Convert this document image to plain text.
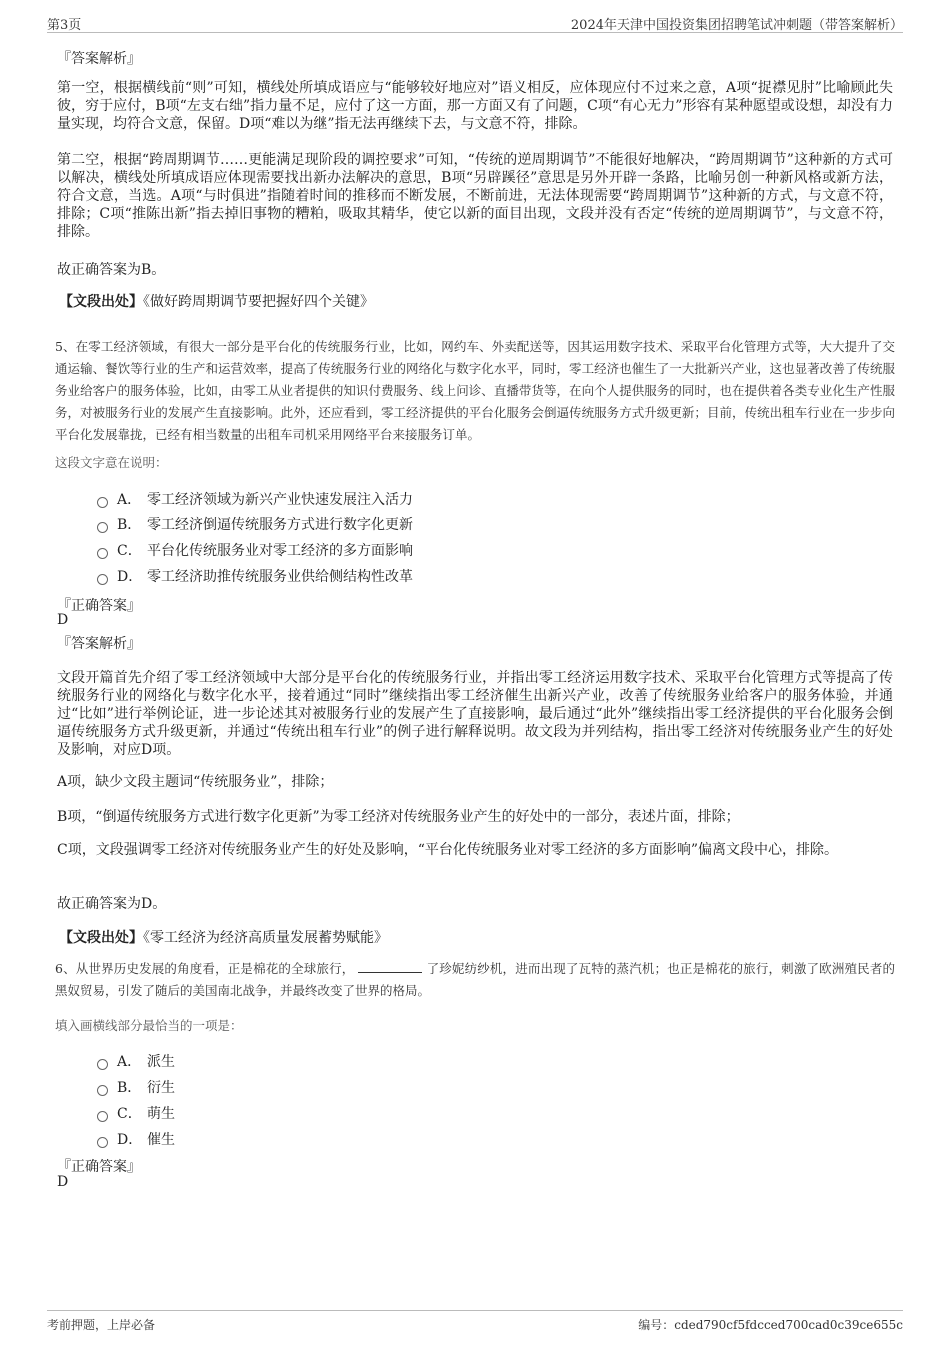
第3页	2024年天津中国投资集团招聘笔试冲刺题（带答案解析）
『答案解析』
第一空，根据横线前“则”可知，横线处所填成语应与“能够较好地应对”语义相反，应体现应付不过来之意，A项“捉襟见肘”比喻顾此失彼，穷于应付，B项“左支右绌”指力量不足，应付了这一方面，那一方面又有了问题，C项“有心无力”形容有某种愿望或设想，却没有力量实现，均符合文意，保留。D项“难以为继”指无法再继续下去，与文意不符，排除。
第二空，根据“跨周期调节……更能满足现阶段的调控要求”可知，“传统的逆周期调节”不能很好地解决，“跨周期调节”这种新的方式可以解决，横线处所填成语应体现需要找出新办法解决的意思，B项“另辟蹊径”意思是另外开辟一条路，比喻另创一种新风格或新方法，符合文意，当选。A项“与时俱进”指随着时间的推移而不断发展，不断前进，无法体现需要“跨周期调节”这种新的方式，与文意不符，排除；C项“推陈出新”指去掉旧事物的糟粕，吸取其精华，使它以新的面目出现，文段并没有否定“传统的逆周期调节”，与文意不符，排除。
故正确答案为B。
【文段出处】《做好跨周期调节要把握好四个关键》
5、在零工经济领域，有很大一部分是平台化的传统服务行业，比如，网约车、外卖配送等，因其运用数字技术、采取平台化管理方式等，大大提升了交通运输、餐饮等行业的生产和运营效率，提高了传统服务行业的网络化与数字化水平，同时，零工经济也催生了一大批新兴产业，这也显著改善了传统服务业给客户的服务体验，比如，由零工从业者提供的知识付费服务、线上问诊、直播带货等，在向个人提供服务的同时，也在提供着各类专业化生产性服务，对被服务行业的发展产生直接影响。此外，还应看到，零工经济提供的平台化服务会倒逼传统服务方式升级更新；目前，传统出租车行业在一步步向平台化发展靠拢，已经有相当数量的出租车司机采用网络平台来接服务订单。
这段文字意在说明：
A． 零工经济领域为新兴产业快速发展注入活力
B． 零工经济倒逼传统服务方式进行数字化更新
C． 平台化传统服务业对零工经济的多方面影响
D． 零工经济助推传统服务业供给侧结构性改革
『正确答案』
D
『答案解析』
文段开篇首先介绍了零工经济领域中大部分是平台化的传统服务行业，并指出零工经济运用数字技术、采取平台化管理方式等提高了传统服务行业的网络化与数字化水平，接着通过“同时”继续指出零工经济催生出新兴产业，改善了传统服务业给客户的服务体验，并通过“比如”进行举例论证，进一步论述其对被服务行业的发展产生了直接影响，最后通过“此外”继续指出零工经济提供的平台化服务会倒逼传统服务方式升级更新，并通过“传统出租车行业”的例子进行解释说明。故文段为并列结构，指出零工经济对传统服务业产生的好处及影响，对应D项。
A项，缺少文段主题词“传统服务业”，排除；
B项，“倒逼传统服务方式进行数字化更新”为零工经济对传统服务业产生的好处中的一部分，表述片面，排除；
C项，文段强调零工经济对传统服务业产生的好处及影响，“平台化传统服务业对零工经济的多方面影响”偏离文段中心，排除。
故正确答案为D。
【文段出处】《零工经济为经济高质量发展蓄势赋能》
6、从世界历史发展的角度看，正是棉花的全球旅行，	了珍妮纺纱机，进而出现了瓦特的蒸汽机；也正是棉花的旅行，刺激了欧洲殖民者的黑奴贸易，引发了随后的美国南北战争，并最终改变了世界的格局。
填入画横线部分最恰当的一项是：
A． 派生
B． 衍生
C． 萌生
D． 催生
『正确答案』
D
考前押题，上岸必备	编号：cded790cf5fdcced700cad0c39ce655c
